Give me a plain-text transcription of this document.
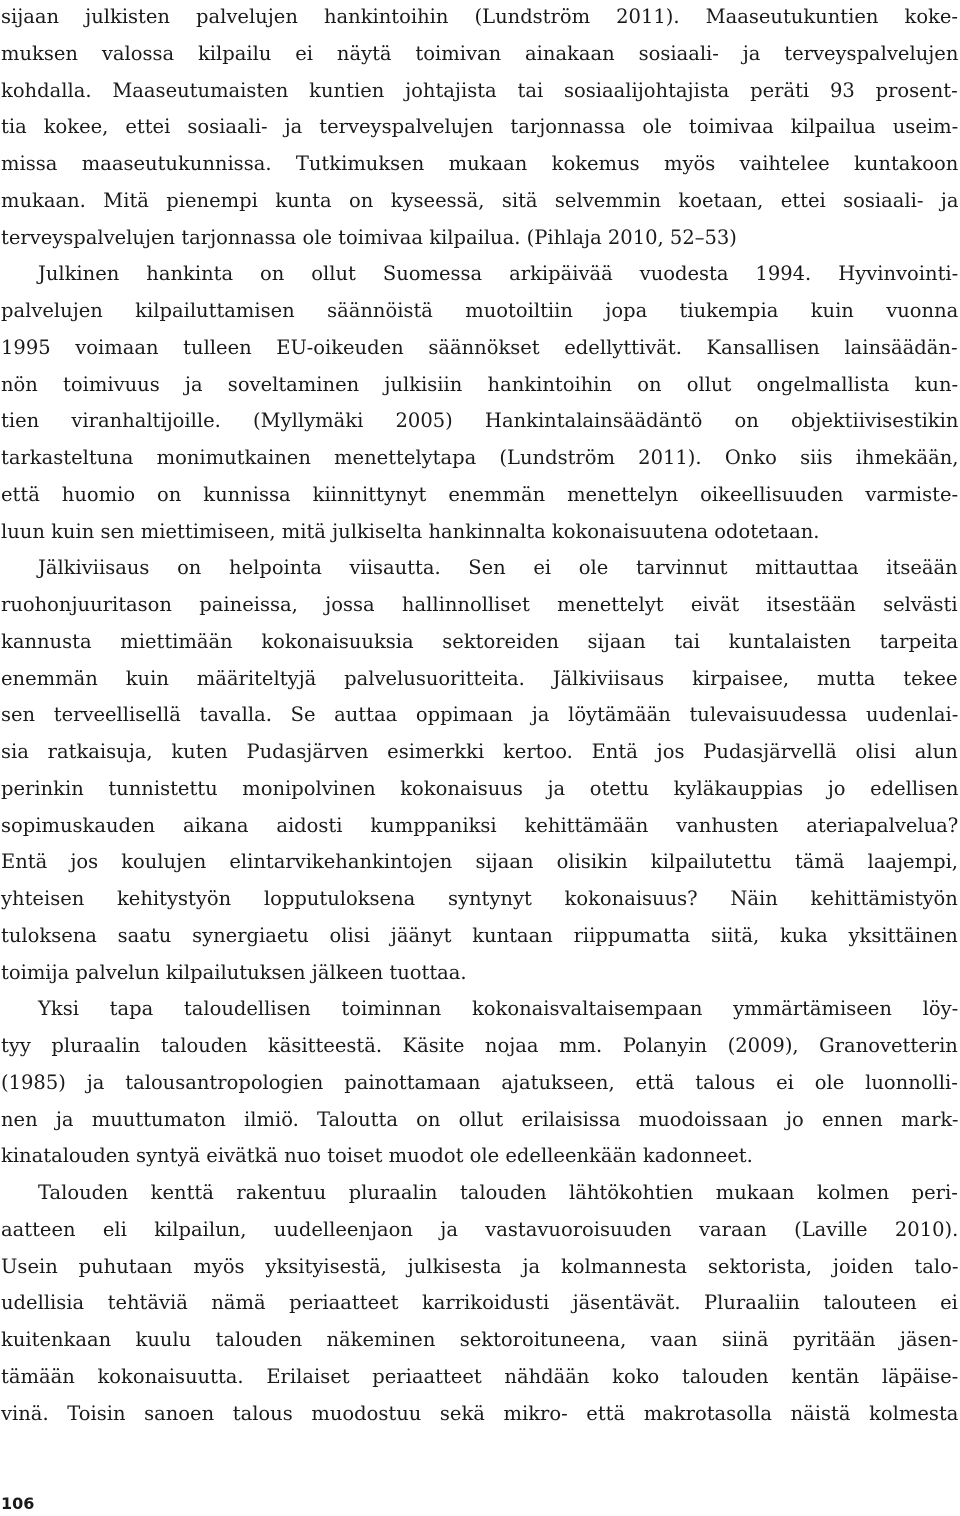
sijaan julkisten palvelujen hankintoihin (Lundström 2011). Maaseutukuntien koke-
muksen valossa kilpailu ei näytä toimivan ainakaan sosiaali- ja terveyspalvelujen
kohdalla. Maaseutumaisten kuntien johtajista tai sosiaalijohtajista peräti 93 prosent-
tia kokee, ettei sosiaali- ja terveyspalvelujen tarjonnassa ole toimivaa kilpailua useim-
missa maaseutukunnissa. Tutkimuksen mukaan kokemus myös vaihtelee kuntakoon
mukaan. Mitä pienempi kunta on kyseessä, sitä selvemmin koetaan, ettei sosiaali- ja
terveyspalvelujen tarjonnassa ole toimivaa kilpailua. (Pihlaja 2010, 52–53)
Julkinen hankinta on ollut Suomessa arkipäivää vuodesta 1994. Hyvinvointi-
palvelujen kilpailuttamisen säännöistä muotoiltiin jopa tiukempia kuin vuonna
1995 voimaan tulleen EU-oikeuden säännökset edellyttivät. Kansallisen lainsäädän-
nön toimivuus ja soveltaminen julkisiin hankintoihin on ollut ongelmallista kun-
tien viranhaltijoille. (Myllymäki 2005) Hankintalainsäädäntö on objektiivisestikin
tarkasteltuna monimutkainen menettelytapa (Lundström 2011). Onko siis ihmekään,
että huomio on kunnissa kiinnittynyt enemmän menettelyn oikeellisuuden varmiste-
luun kuin sen miettimiseen, mitä julkiselta hankinnalta kokonaisuutena odotetaan.
Jälkiviisaus on helpointa viisautta. Sen ei ole tarvinnut mittauttaa itseään
ruohonjuuritason paineissa, jossa hallinnolliset menettelyt eivät itsestään selvästi
kannusta miettimään kokonaisuuksia sektoreiden sijaan tai kuntalaisten tarpeita
enemmän kuin määriteltyjä palvelusuoritteita. Jälkiviisaus kirpaisee, mutta tekee
sen terveellisellä tavalla. Se auttaa oppimaan ja löytämään tulevaisuudessa uudenlai-
sia ratkaisuja, kuten Pudasjärven esimerkki kertoo. Entä jos Pudasjärvellä olisi alun
perinkin tunnistettu monipolvinen kokonaisuus ja otettu kyläkauppias jo edellisen
sopimuskauden aikana aidosti kumppaniksi kehittämään vanhusten ateriapalvelua?
Entä jos koulujen elintarvikehankintojen sijaan olisikin kilpailutettu tämä laajempi,
yhteisen kehitystyön lopputuloksena syntynyt kokonaisuus? Näin kehittämistyön
tuloksena saatu synergiaetu olisi jäänyt kuntaan riippumatta siitä, kuka yksittäinen
toimija palvelun kilpailutuksen jälkeen tuottaa.
Yksi tapa taloudellisen toiminnan kokonaisvaltaisempaan ymmärtämiseen löy-
tyy pluraalin talouden käsitteestä. Käsite nojaa mm. Polanyin (2009), Granovetterin
(1985) ja talousantropologien painottamaan ajatukseen, että talous ei ole luonnolli-
nen ja muuttumaton ilmiö. Taloutta on ollut erilaisissa muodoissaan jo ennen mark-
kinatalouden syntyä eivätkä nuo toiset muodot ole edelleenkään kadonneet.
Talouden kenttä rakentuu pluraalin talouden lähtökohtien mukaan kolmen peri-
aatteen eli kilpailun, uudelleenjaon ja vastavuoroisuuden varaan (Laville 2010).
Usein puhutaan myös yksityisestä, julkisesta ja kolmannesta sektorista, joiden talo-
udellisia tehtäviä nämä periaatteet karrikoidusti jäsentävät. Pluraaliin talouteen ei
kuitenkaan kuulu talouden näkeminen sektoroituneena, vaan siinä pyritään jäsen-
tämään kokonaisuutta. Erilaiset periaatteet nähdään koko talouden kentän läpäise-
vinä. Toisin sanoen talous muodostuu sekä mikro- että makrotasolla näistä kolmesta
106
